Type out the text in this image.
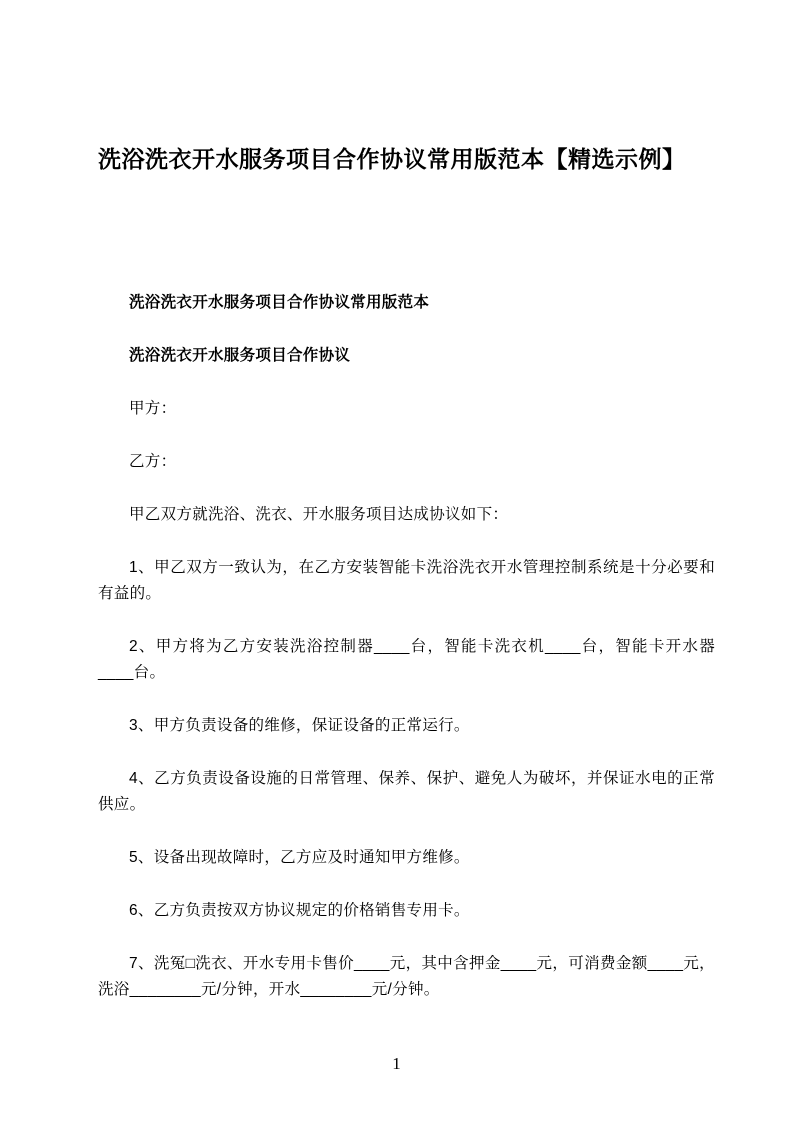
洗浴洗衣开水服务项目合作协议常用版范本【精选示例】

洗浴洗衣开水服务项目合作协议常用版范本

洗浴洗衣开水服务项目合作协议

甲方：

乙方：

甲乙双方就洗浴、洗衣、开水服务项目达成协议如下：

1、甲乙双方一致认为，在乙方安装智能卡洗浴洗衣开水管理控制系统是十分必要和有益的。

2、甲方将为乙方安装洗浴控制器____台，智能卡洗衣机____台，智能卡开水器____台。

3、甲方负责设备的维修，保证设备的正常运行。

4、乙方负责设备设施的日常管理、保养、保护、避免人为破坏，并保证水电的正常供应。

5、设备出现故障时，乙方应及时通知甲方维修。

6、乙方负责按双方协议规定的价格销售专用卡。

7、洗冤□洗衣、开水专用卡售价____元，其中含押金____元，可消费金额____元，洗浴________元/分钟，开水________元/分钟。

1
